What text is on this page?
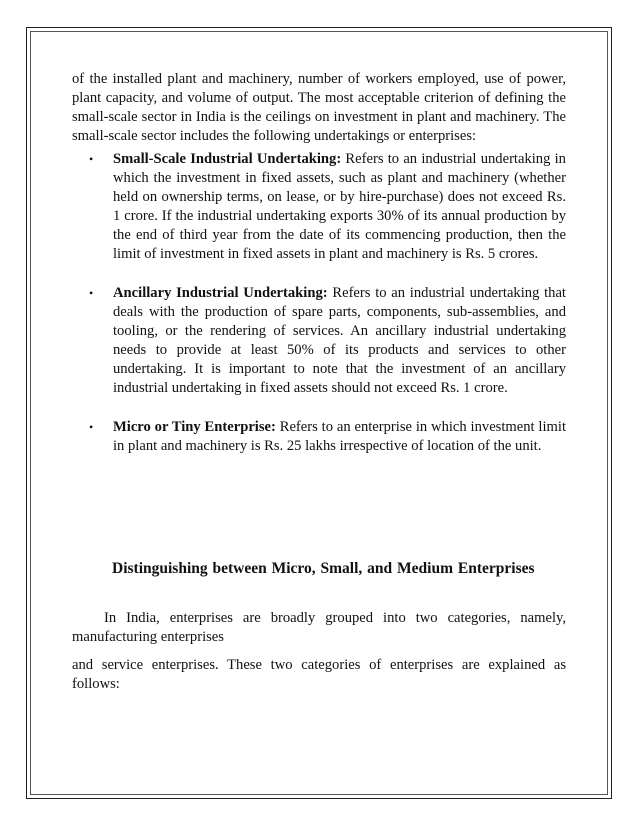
of the installed plant and machinery, number of workers employed, use of power, plant capacity, and volume of output. The most acceptable criterion of defining the small-scale sector in India is the ceilings on investment in plant and machinery. The small-scale sector includes the following undertakings or enterprises:

• Small-Scale Industrial Undertaking: Refers to an industrial undertaking in which the investment in fixed assets, such as plant and machinery (whether held on ownership terms, on lease, or by hire-purchase) does not exceed Rs. 1 crore. If the industrial undertaking exports 30% of its annual production by the end of third year from the date of its commencing production, then the limit of investment in fixed assets in plant and machinery is Rs. 5 crores.
• Ancillary Industrial Undertaking: Refers to an industrial undertaking that deals with the production of spare parts, components, sub-assemblies, and tooling, or the rendering of services. An ancillary industrial undertaking needs to provide at least 50% of its products and services to other undertaking. It is important to note that the investment of an ancillary industrial undertaking in fixed assets should not exceed Rs. 1 crore.
• Micro or Tiny Enterprise: Refers to an enterprise in which investment limit in plant and machinery is Rs. 25 lakhs irrespective of location of the unit.
Distinguishing between Micro, Small, and Medium Enterprises

In India, enterprises are broadly grouped into two categories, namely, manufacturing enterprises

and service enterprises. These two categories of enterprises are explained as follows:
